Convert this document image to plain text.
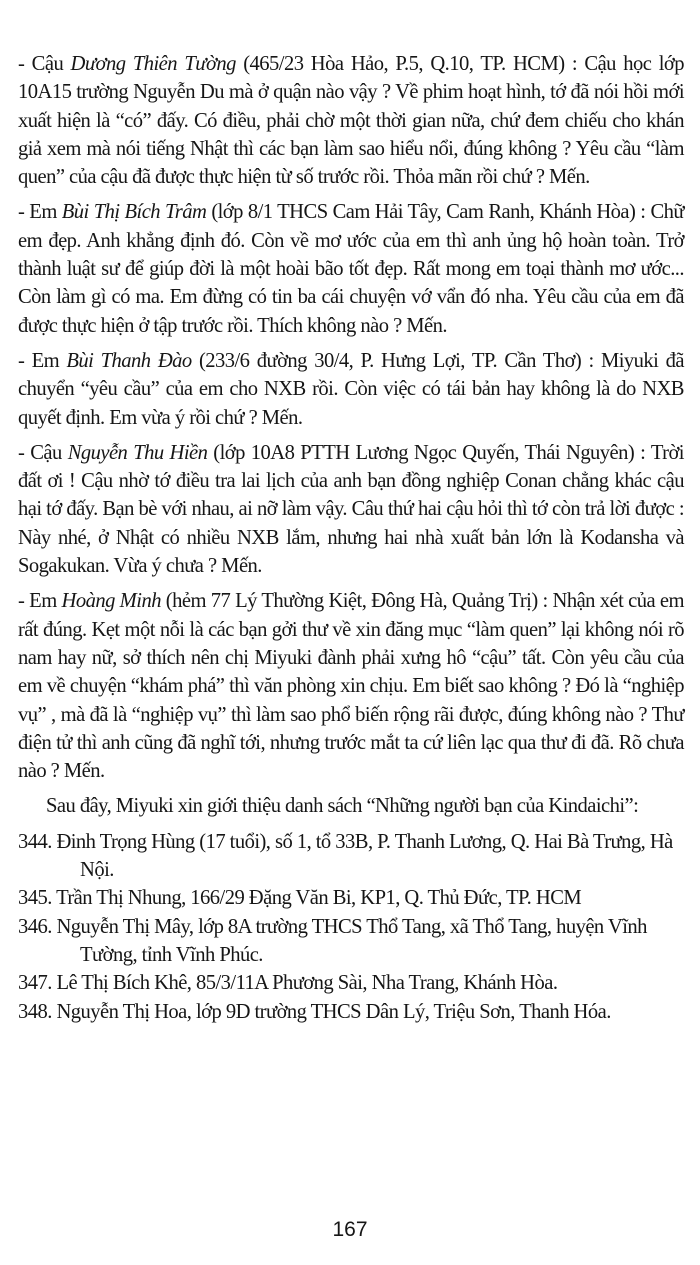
- Cậu Dương Thiên Tường (465/23 Hòa Hảo, P.5, Q.10, TP. HCM) : Cậu học lớp 10A15 trường Nguyễn Du mà ở quận nào vậy ? Về phim hoạt hình, tớ đã nói hồi mới xuất hiện là “có” đấy. Có điều, phải chờ một thời gian nữa, chứ đem chiếu cho khán giả xem mà nói tiếng Nhật thì các bạn làm sao hiểu nổi, đúng không ? Yêu cầu “làm quen” của cậu đã được thực hiện từ số trước rồi. Thỏa mãn rồi chứ ? Mến.

- Em Bùi Thị Bích Trâm (lớp 8/1 THCS Cam Hải Tây, Cam Ranh, Khánh Hòa) : Chữ em đẹp. Anh khẳng định đó. Còn về mơ ước của em thì anh ủng hộ hoàn toàn. Trở thành luật sư để giúp đời là một hoài bão tốt đẹp. Rất mong em toại thành mơ ước... Còn làm gì có ma. Em đừng có tin ba cái chuyện vớ vẩn đó nha. Yêu cầu của em đã được thực hiện ở tập trước rồi. Thích không nào ? Mến.

- Em Bùi Thanh Đào (233/6 đường 30/4, P. Hưng Lợi, TP. Cần Thơ) : Miyuki đã chuyển “yêu cầu” của em cho NXB rồi. Còn việc có tái bản hay không là do NXB quyết định. Em vừa ý rồi chứ ? Mến.

- Cậu Nguyễn Thu Hiền (lớp 10A8 PTTH Lương Ngọc Quyến, Thái Nguyên) : Trời đất ơi ! Cậu nhờ tớ điều tra lai lịch của anh bạn đồng nghiệp Conan chẳng khác cậu hại tớ đấy. Bạn bè với nhau, ai nỡ làm vậy. Câu thứ hai cậu hỏi thì tớ còn trả lời được : Này nhé, ở Nhật có nhiều NXB lắm, nhưng hai nhà xuất bản lớn là Kodansha và Sogakukan. Vừa ý chưa ? Mến.

- Em Hoàng Minh (hẻm 77 Lý Thường Kiệt, Đông Hà, Quảng Trị) : Nhận xét của em rất đúng. Kẹt một nỗi là các bạn gởi thư về xin đăng mục “làm quen” lại không nói rõ nam hay nữ, sở thích nên chị Miyuki đành phải xưng hô “cậu” tất. Còn yêu cầu của em về chuyện “khám phá” thì văn phòng xin chịu. Em biết sao không ? Đó là “nghiệp vụ” , mà đã là “nghiệp vụ” thì làm sao phổ biến rộng rãi được, đúng không nào ? Thư điện tử thì anh cũng đã nghĩ tới, nhưng trước mắt ta cứ liên lạc qua thư đi đã. Rõ chưa nào ? Mến.

Sau đây, Miyuki xin giới thiệu danh sách “Những người bạn của Kindaichi”:

344. Đinh Trọng Hùng (17 tuổi), số 1, tổ 33B, P. Thanh Lương, Q. Hai Bà Trưng, Hà Nội.
345. Trần Thị Nhung, 166/29 Đặng Văn Bi, KP1, Q. Thủ Đức, TP. HCM
346. Nguyễn Thị Mây, lớp 8A trường THCS Thổ Tang, xã Thổ Tang, huyện Vĩnh Tường, tỉnh Vĩnh Phúc.
347. Lê Thị Bích Khê, 85/3/11A Phương Sài, Nha Trang, Khánh Hòa.
348. Nguyễn Thị Hoa, lớp 9D trường THCS Dân Lý, Triệu Sơn, Thanh Hóa.
167
